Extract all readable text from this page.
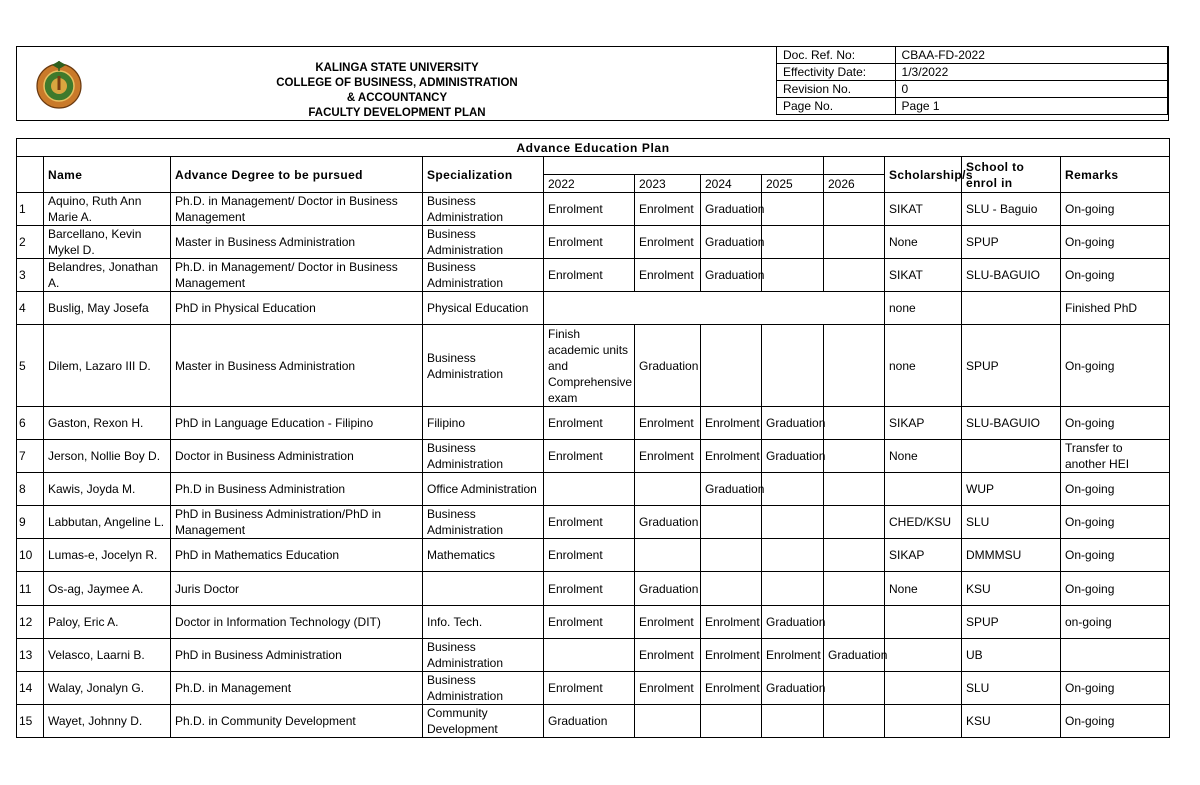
KALINGA STATE UNIVERSITY
COLLEGE OF BUSINESS, ADMINISTRATION
& ACCOUNTANCY
FACULTY DEVELOPMENT PLAN
Doc. Ref. No:	CBAA-FD-2022
Effectivity Date:	1/3/2022
Revision No.	0
Page No.	Page 1
Advance Education Plan											
	Name	Advance Degree to be pursued	Specialization						Scholarship/s	School to enrol in	Remarks
				2022	2023	2024	2025	2026			
1	Aquino, Ruth Ann Marie A.	Ph.D. in Management/ Doctor in Business Management	Business Administration	Enrolment	Enrolment	Graduation			SIKAT	SLU - Baguio	On-going
2	Barcellano, Kevin Mykel D.	Master in Business Administration	Business Administration	Enrolment	Enrolment	Graduation			None	SPUP	On-going
3	Belandres, Jonathan A.	Ph.D. in Management/ Doctor in Business Management	Business Administration	Enrolment	Enrolment	Graduation			SIKAT	SLU-BAGUIO	On-going
4	Buslig, May Josefa	PhD in Physical Education	Physical Education						none		Finished PhD
5	Dilem, Lazaro III D.	Master in Business Administration	Business Administration	Finish academic units and Comprehensive exam	Graduation				none	SPUP	On-going
6	Gaston, Rexon H.	PhD in Language Education - Filipino	Filipino	Enrolment	Enrolment	Enrolment	Graduation		SIKAP	SLU-BAGUIO	On-going
7	Jerson, Nollie Boy D.	Doctor in Business Administration	Business Administration	Enrolment	Enrolment	Enrolment	Graduation		None		Transfer to another HEI
8	Kawis, Joyda M.	Ph.D in Business Administration	Office Administration			Graduation				WUP	On-going
9	Labbutan, Angeline L.	PhD in Business Administration/PhD in Management	Business Administration	Enrolment	Graduation				CHED/KSU	SLU	On-going
10	Lumas-e, Jocelyn R.	PhD in Mathematics Education	Mathematics	Enrolment					SIKAP	DMMMSU	On-going
11	Os-ag, Jaymee A.	Juris Doctor		Enrolment	Graduation				None	KSU	On-going
12	Paloy, Eric A.	Doctor in Information Technology (DIT)	Info. Tech.	Enrolment	Enrolment	Enrolment	Graduation			SPUP	on-going
13	Velasco, Laarni B.	PhD in Business Administration	Business Administration		Enrolment	Enrolment	Enrolment	Graduation		UB	
14	Walay, Jonalyn G.	Ph.D. in Management	Business Administration	Enrolment	Enrolment	Enrolment	Graduation			SLU	On-going
15	Wayet, Johnny D.	Ph.D. in Community Development	Community Development	Graduation						KSU	On-going
